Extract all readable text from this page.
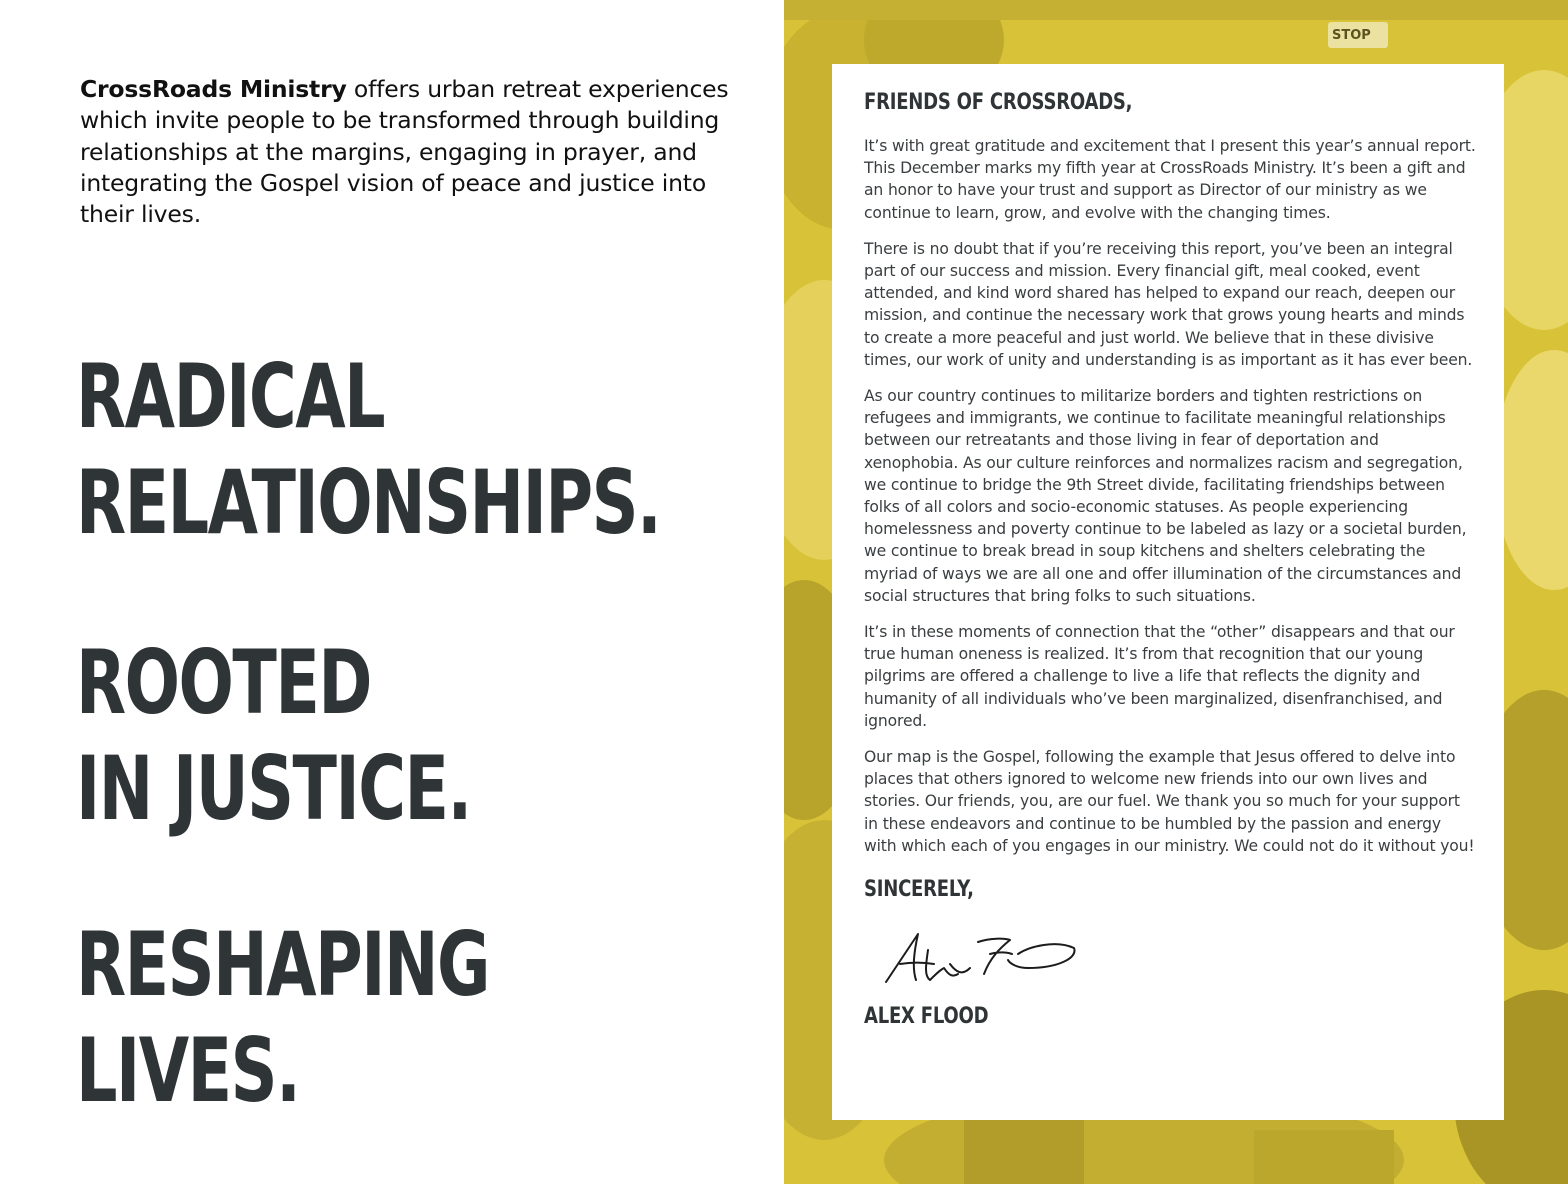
CrossRoads Ministry offers urban retreat experiences which invite people to be transformed through building relationships at the margins, engaging in prayer, and integrating the Gospel vision of peace and justice into their lives.
RADICAL
RELATIONSHIPS.
ROOTED
IN JUSTICE.
RESHAPING
LIVES.
STOP
FRIENDS OF CROSSROADS,

It’s with great gratitude and excitement that I present this year’s annual report. This December marks my fifth year at CrossRoads Ministry. It’s been a gift and an honor to have your trust and support as Director of our ministry as we continue to learn, grow, and evolve with the changing times.

There is no doubt that if you’re receiving this report, you’ve been an integral part of our success and mission. Every financial gift, meal cooked, event attended, and kind word shared has helped to expand our reach, deepen our mission, and continue the necessary work that grows young hearts and minds to create a more peaceful and just world. We believe that in these divisive times, our work of unity and understanding is as important as it has ever been.

As our country continues to militarize borders and tighten restrictions on refugees and immigrants, we continue to facilitate meaningful relationships between our retreatants and those living in fear of deportation and xenophobia. As our culture reinforces and normalizes racism and segregation, we continue to bridge the 9th Street divide, facilitating friendships between folks of all colors and socio-economic statuses. As people experiencing homelessness and poverty continue to be labeled as lazy or a societal burden, we continue to break bread in soup kitchens and shelters celebrating the myriad of ways we are all one and offer illumination of the circumstances and social structures that bring folks to such situations.

It’s in these moments of connection that the “other” disappears and that our true human oneness is realized. It’s from that recognition that our young pilgrims are offered a challenge to live a life that reflects the dignity and humanity of all individuals who’ve been marginalized, disenfranchised, and ignored.

Our map is the Gospel, following the example that Jesus offered to delve into places that others ignored to welcome new friends into our own lives and stories. Our friends, you, are our fuel. We thank you so much for your support in these endeavors and continue to be humbled by the passion and energy with which each of you engages in our ministry. We could not do it without you!

SINCERELY,
ALEX FLOOD
